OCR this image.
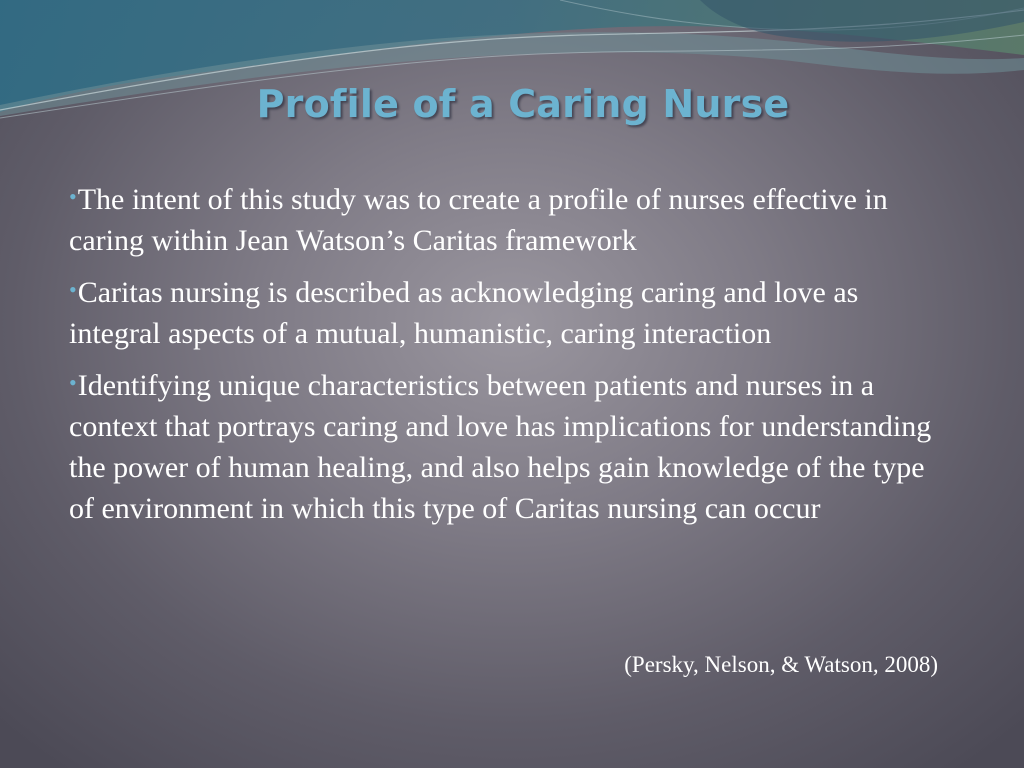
Profile of a Caring Nurse
•The intent of this study was to create a profile of nurses effective in caring within Jean Watson’s Caritas framework
•Caritas nursing is described as acknowledging caring and love as integral aspects of a mutual, humanistic, caring interaction
•Identifying unique characteristics between patients and nurses in a context that portrays caring and love has implications for understanding the power of human healing, and also helps gain knowledge of the type of environment in which this type of Caritas nursing can occur
(Persky, Nelson, & Watson, 2008)
